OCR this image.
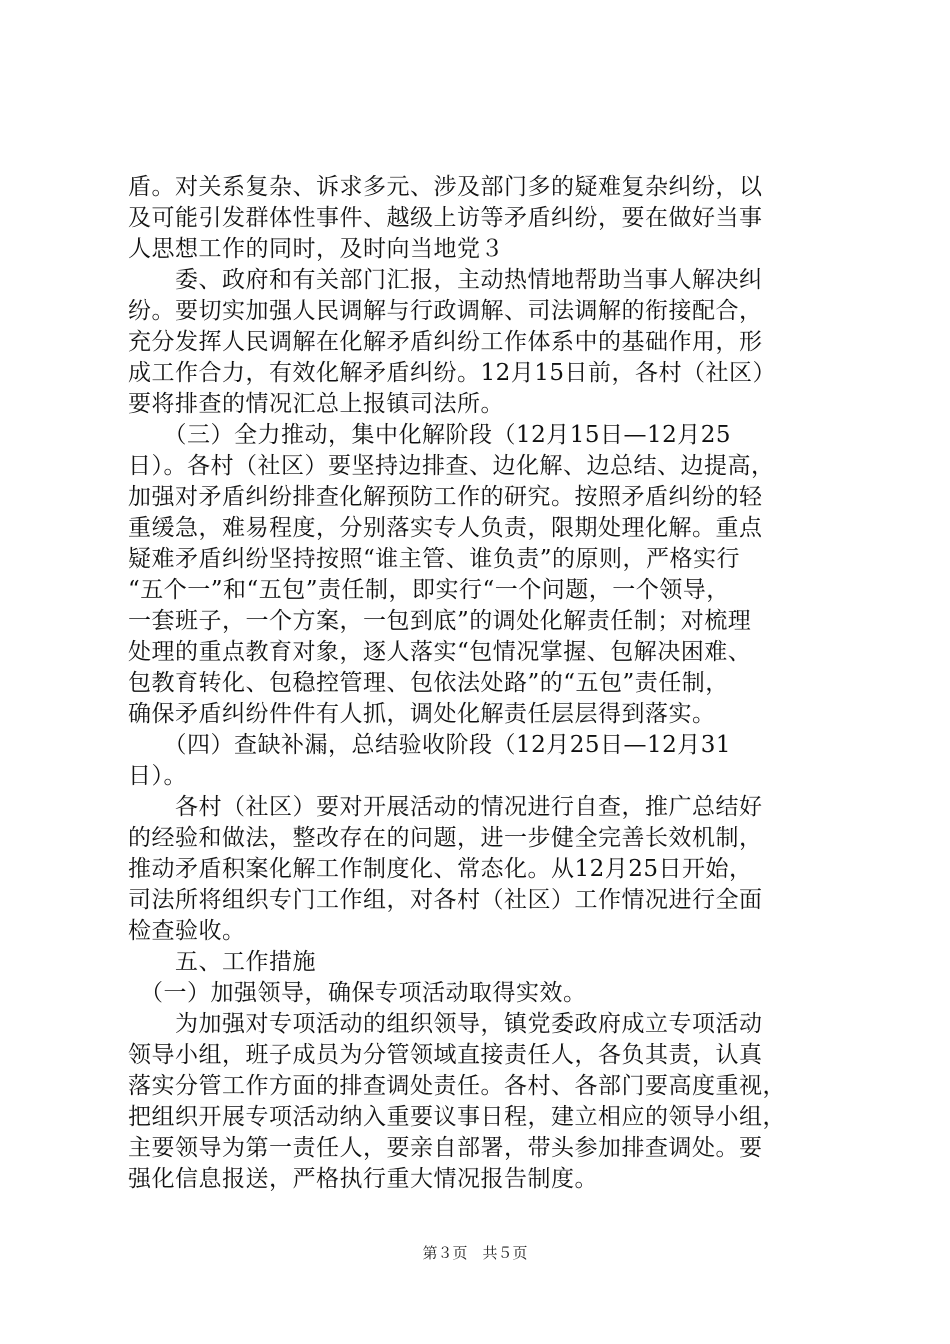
盾。对关系复杂、诉求多元、涉及部门多的疑难复杂纠纷，以
及可能引发群体性事件、越级上访等矛盾纠纷，要在做好当事
人思想工作的同时，及时向当地党３
　　委、政府和有关部门汇报，主动热情地帮助当事人解决纠
纷。要切实加强人民调解与行政调解、司法调解的衔接配合，
充分发挥人民调解在化解矛盾纠纷工作体系中的基础作用，形
成工作合力，有效化解矛盾纠纷。12月15日前，各村（社区）
要将排查的情况汇总上报镇司法所。
　　（三）全力推动，集中化解阶段（12月15日—12月25
日）。各村（社区）要坚持边排查、边化解、边总结、边提高，
加强对矛盾纠纷排查化解预防工作的研究。按照矛盾纠纷的轻
重缓急，难易程度，分别落实专人负责，限期处理化解。重点
疑难矛盾纠纷坚持按照“谁主管、谁负责”的原则，严格实行
“五个一”和“五包”责任制，即实行“一个问题，一个领导，
一套班子，一个方案，一包到底”的调处化解责任制；对梳理
处理的重点教育对象，逐人落实“包情况掌握、包解决困难、
包教育转化、包稳控管理、包依法处路”的“五包”责任制，
确保矛盾纠纷件件有人抓，调处化解责任层层得到落实。
　　（四）查缺补漏，总结验收阶段（12月25日—12月31
日）。
　　各村（社区）要对开展活动的情况进行自查，推广总结好
的经验和做法，整改存在的问题，进一步健全完善长效机制，
推动矛盾积案化解工作制度化、常态化。从12月25日开始，
司法所将组织专门工作组，对各村（社区）工作情况进行全面
检查验收。
　　五、工作措施
　（一）加强领导，确保专项活动取得实效。
　　为加强对专项活动的组织领导，镇党委政府成立专项活动
领导小组，班子成员为分管领域直接责任人，各负其责，认真
落实分管工作方面的排查调处责任。各村、各部门要高度重视，
把组织开展专项活动纳入重要议事日程，建立相应的领导小组，
主要领导为第一责任人，要亲自部署，带头参加排查调处。要
强化信息报送，严格执行重大情况报告制度。
第３页　共５页
